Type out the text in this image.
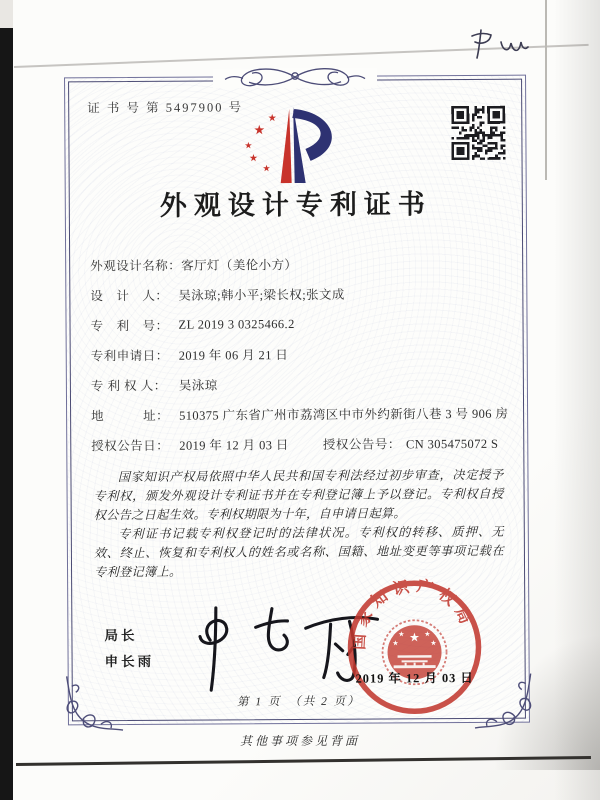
证 书 号 第 5497900 号
★
★
★
★
★
外观设计专利证书
外观设计名称： 客厅灯（美伦小方）
设　计　人： 吴泳琼;韩小平;梁长权;张文成
专　利　号： ZL 2019 3 0325466.2
专利申请日： 2019 年 06 月 21 日
专 利 权 人： 吴泳琼
地　　　址： 510375 广东省广州市荔湾区中市外约新街八巷 3 号 906 房
授权公告日： 2019 年 12 月 03 日	授权公告号： CN 305475072 S

国家知识产权局依照中华人民共和国专利法经过初步审查，决定授予专利权，颁发外观设计专利证书并在专利登记簿上予以登记。专利权自授权公告之日起生效。专利权期限为十年，自申请日起算。

专利证书记载专利权登记时的法律状况。专利权的转移、质押、无效、终止、恢复和专利权人的姓名或名称、国籍、地址变更等事项记载在专利登记簿上。

局长
申长雨
国家知识产权局
★
★	★
★	★
2019 年 12 月 03 日
第 1 页　（共 2 页）
其他事项参见背面
